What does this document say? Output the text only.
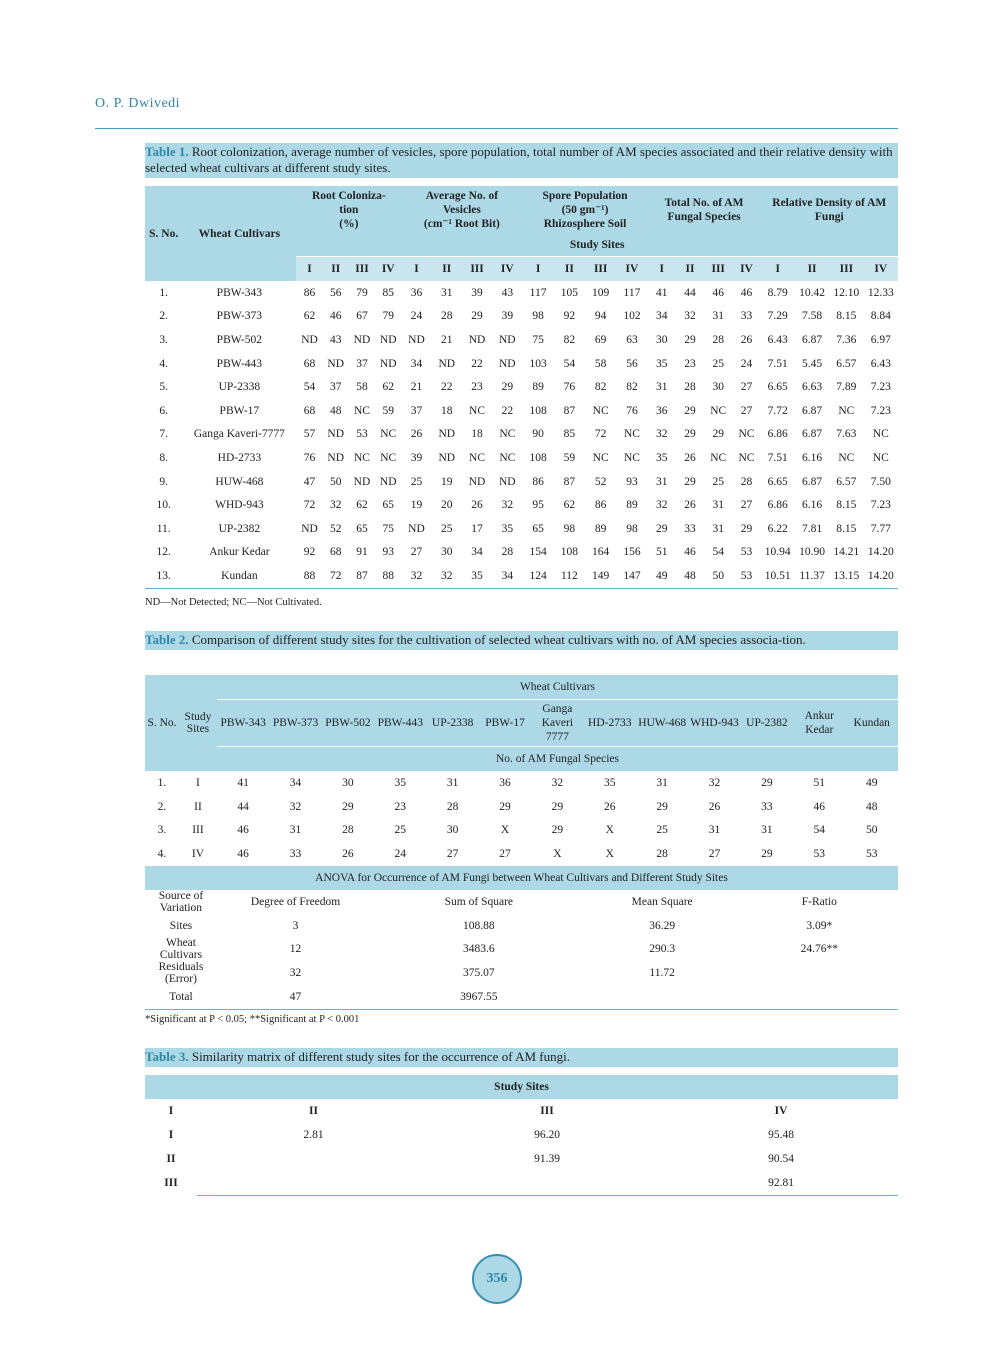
O. P. Dwivedi
Table 1. Root colonization, average number of vesicles, spore population, total number of AM species associated and their relative density with selected wheat cultivars at different study sites.
S. No.	Wheat Cultivars	Root Coloniza-
tion
(%)				Average No. of
Vesicles
(cm⁻¹ Root Bit)				Spore Population
(50 gm⁻¹)
Rhizosphere Soil				Total No. of AM
Fungal Species				Relative Density of AM
Fungi			
		Study Sites																			
		I	II	III	IV	I	II	III	IV	I	II	III	IV	I	II	III	IV	I	II	III	IV
1.	PBW-343	86	56	79	85	36	31	39	43	117	105	109	117	41	44	46	46	8.79	10.42	12.10	12.33
2.	PBW-373	62	46	67	79	24	28	29	39	98	92	94	102	34	32	31	33	7.29	7.58	8.15	8.84
3.	PBW-502	ND	43	ND	ND	ND	21	ND	ND	75	82	69	63	30	29	28	26	6.43	6.87	7.36	6.97
4.	PBW-443	68	ND	37	ND	34	ND	22	ND	103	54	58	56	35	23	25	24	7.51	5.45	6.57	6.43
5.	UP-2338	54	37	58	62	21	22	23	29	89	76	82	82	31	28	30	27	6.65	6.63	7.89	7.23
6.	PBW-17	68	48	NC	59	37	18	NC	22	108	87	NC	76	36	29	NC	27	7.72	6.87	NC	7.23
7.	Ganga Kaveri-7777	57	ND	53	NC	26	ND	18	NC	90	85	72	NC	32	29	29	NC	6.86	6.87	7.63	NC
8.	HD-2733	76	ND	NC	NC	39	ND	NC	NC	108	59	NC	NC	35	26	NC	NC	7.51	6.16	NC	NC
9.	HUW-468	47	50	ND	ND	25	19	ND	ND	86	87	52	93	31	29	25	28	6.65	6.87	6.57	7.50
10.	WHD-943	72	32	62	65	19	20	26	32	95	62	86	89	32	26	31	27	6.86	6.16	8.15	7.23
11.	UP-2382	ND	52	65	75	ND	25	17	35	65	98	89	98	29	33	31	29	6.22	7.81	8.15	7.77
12.	Ankur Kedar	92	68	91	93	27	30	34	28	154	108	164	156	51	46	54	53	10.94	10.90	14.21	14.20
13.	Kundan	88	72	87	88	32	32	35	34	124	112	149	147	49	48	50	53	10.51	11.37	13.15	14.20
ND—Not Detected; NC—Not Cultivated.
Table 2. Comparison of different study sites for the cultivation of selected wheat cultivars with no. of AM species associa-tion.
S. No.	Study Sites	Wheat Cultivars												
		PBW-343	PBW-373	PBW-502	PBW-443	UP-2338	PBW-17	Ganga Kaveri 7777	HD-2733	HUW-468	WHD-943	UP-2382	Ankur Kedar	Kundan
		No. of AM Fungal Species												
1.	I	41	34	30	35	31	36	32	35	31	32	29	51	49
2.	II	44	32	29	23	28	29	29	26	29	26	33	46	48
3.	III	46	31	28	25	30	X	29	X	25	31	31	54	50
4.	IV	46	33	26	24	27	27	X	X	28	27	29	53	53
ANOVA for Occurrence of AM Fungi between Wheat Cultivars and Different Study Sites														
Source of Variation		Degree of Freedom			Sum of Square				Mean Square			F-Ratio		
Sites		3			108.88				36.29			3.09*		
Wheat Cultivars		12			3483.6				290.3			24.76**		
Residuals (Error)		32			375.07				11.72					
Total		47			3967.55									
*Significant at P < 0.05; **Significant at P < 0.001
Table 3. Similarity matrix of different study sites for the occurrence of AM fungi.
Study Sites			
I	II	III	IV
I	2.81	96.20	95.48
II		91.39	90.54
III			92.81
356
